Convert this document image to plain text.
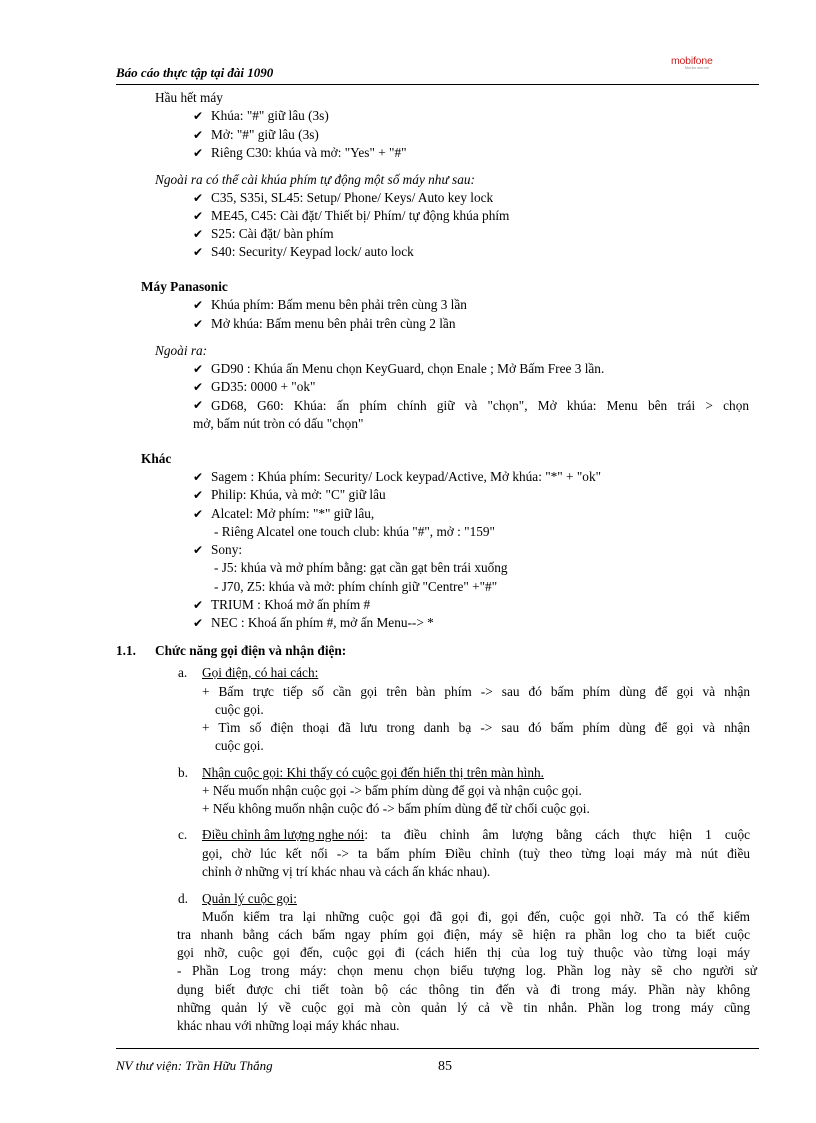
Báo cáo thực tập tại đài 1090
mobifone
Mọi lúc mọi nơi
Hầu hết máy
✔ Khúa: "#" giữ lâu (3s)
✔ Mở: "#" giữ lâu (3s)
✔ Riêng C30: khúa và mở: "Yes" + "#"
Ngoài ra có thể cài khúa phím tự động một số máy như sau:
✔ C35, S35i, SL45: Setup/ Phone/ Keys/ Auto key lock
✔ ME45, C45: Cài đặt/ Thiết bị/ Phím/ tự động khúa phím
✔ S25: Cài đặt/ bàn phím
✔ S40: Security/ Keypad lock/ auto lock
Máy Panasonic
✔ Khúa phím: Bấm menu bên phải trên cùng 3 lần
✔ Mở khúa: Bấm menu bên phải trên cùng 2 lần
Ngoài ra:
✔ GD90 : Khúa ấn Menu chọn KeyGuard, chọn Enale ; Mở Bấm Free 3 lần.
✔ GD35: 0000 + "ok"
✔ GD68, G60: Khúa: ấn phím chính giữ và "chọn", Mở khúa: Menu bên trái > chọn
mở, bấm nút tròn có dấu "chọn"
Khác
✔ Sagem : Khúa phím: Security/ Lock keypad/Active, Mở khúa: "*" + "ok"
✔ Philip: Khúa, và mở: "C" giữ lâu
✔ Alcatel: Mở phím: "*" giữ lâu,
- Riêng Alcatel one touch club: khúa "#", mở : "159"
✔ Sony:
- J5: khúa và mở phím bằng: gạt cần gạt bên trái xuống
- J70, Z5: khúa và mở: phím chính giữ "Centre" +"#"
✔ TRIUM : Khoá mở ấn phím #
✔ NEC : Khoá ấn phím #, mở ấn Menu--> *
1.1. Chức năng gọi điện và nhận điện:
a. Gọi điện, có hai cách:
b. Nhận cuộc gọi: Khi thấy có cuộc gọi đến hiển thị trên màn hình.
c. Điều chỉnh âm lượng nghe nói : ta điều chỉnh âm lượng bằng cách thực hiện 1 cuộc
d. Quản lý cuộc gọi:
+ Bấm trực tiếp số cần gọi trên bàn phím -> sau đó bấm phím dùng để gọi và nhận
cuộc gọi.
+ Tìm số điện thoại đã lưu trong danh bạ -> sau đó bấm phím dùng để gọi và nhận
cuộc gọi.
+ Nếu muốn nhận cuộc gọi -> bấm phím dùng để gọi và nhận cuộc gọi.
+ Nếu không muốn nhận cuộc đó -> bấm phím dùng để từ chối cuộc gọi.
gọi, chờ lúc kết nối -> ta bấm phím Điều chỉnh (tuỳ theo từng loại máy mà nút điều
chỉnh ở những vị trí khác nhau và cách ấn khác nhau).
Muốn kiểm tra lại những cuộc gọi đã gọi đi, gọi đến, cuộc gọi nhỡ. Ta có thể kiểm
tra nhanh bằng cách bấm ngay phím gọi điện, máy sẽ hiện ra phần log cho ta biết cuộc
gọi nhỡ, cuộc gọi đến, cuộc gọi đi (cách hiển thị của log tuỳ thuộc vào từng loại máy
- Phần Log trong máy: chọn menu chọn biểu tượng log. Phần log này sẽ cho người sử
dụng biết được chi tiết toàn bộ các thông tin đến và đi trong máy. Phần này không
những quản lý về cuộc gọi mà còn quản lý cả về tin nhắn. Phần log trong máy cũng
khác nhau với những loại máy khác nhau.
NV thư viện: Trần Hữu Thắng	85
